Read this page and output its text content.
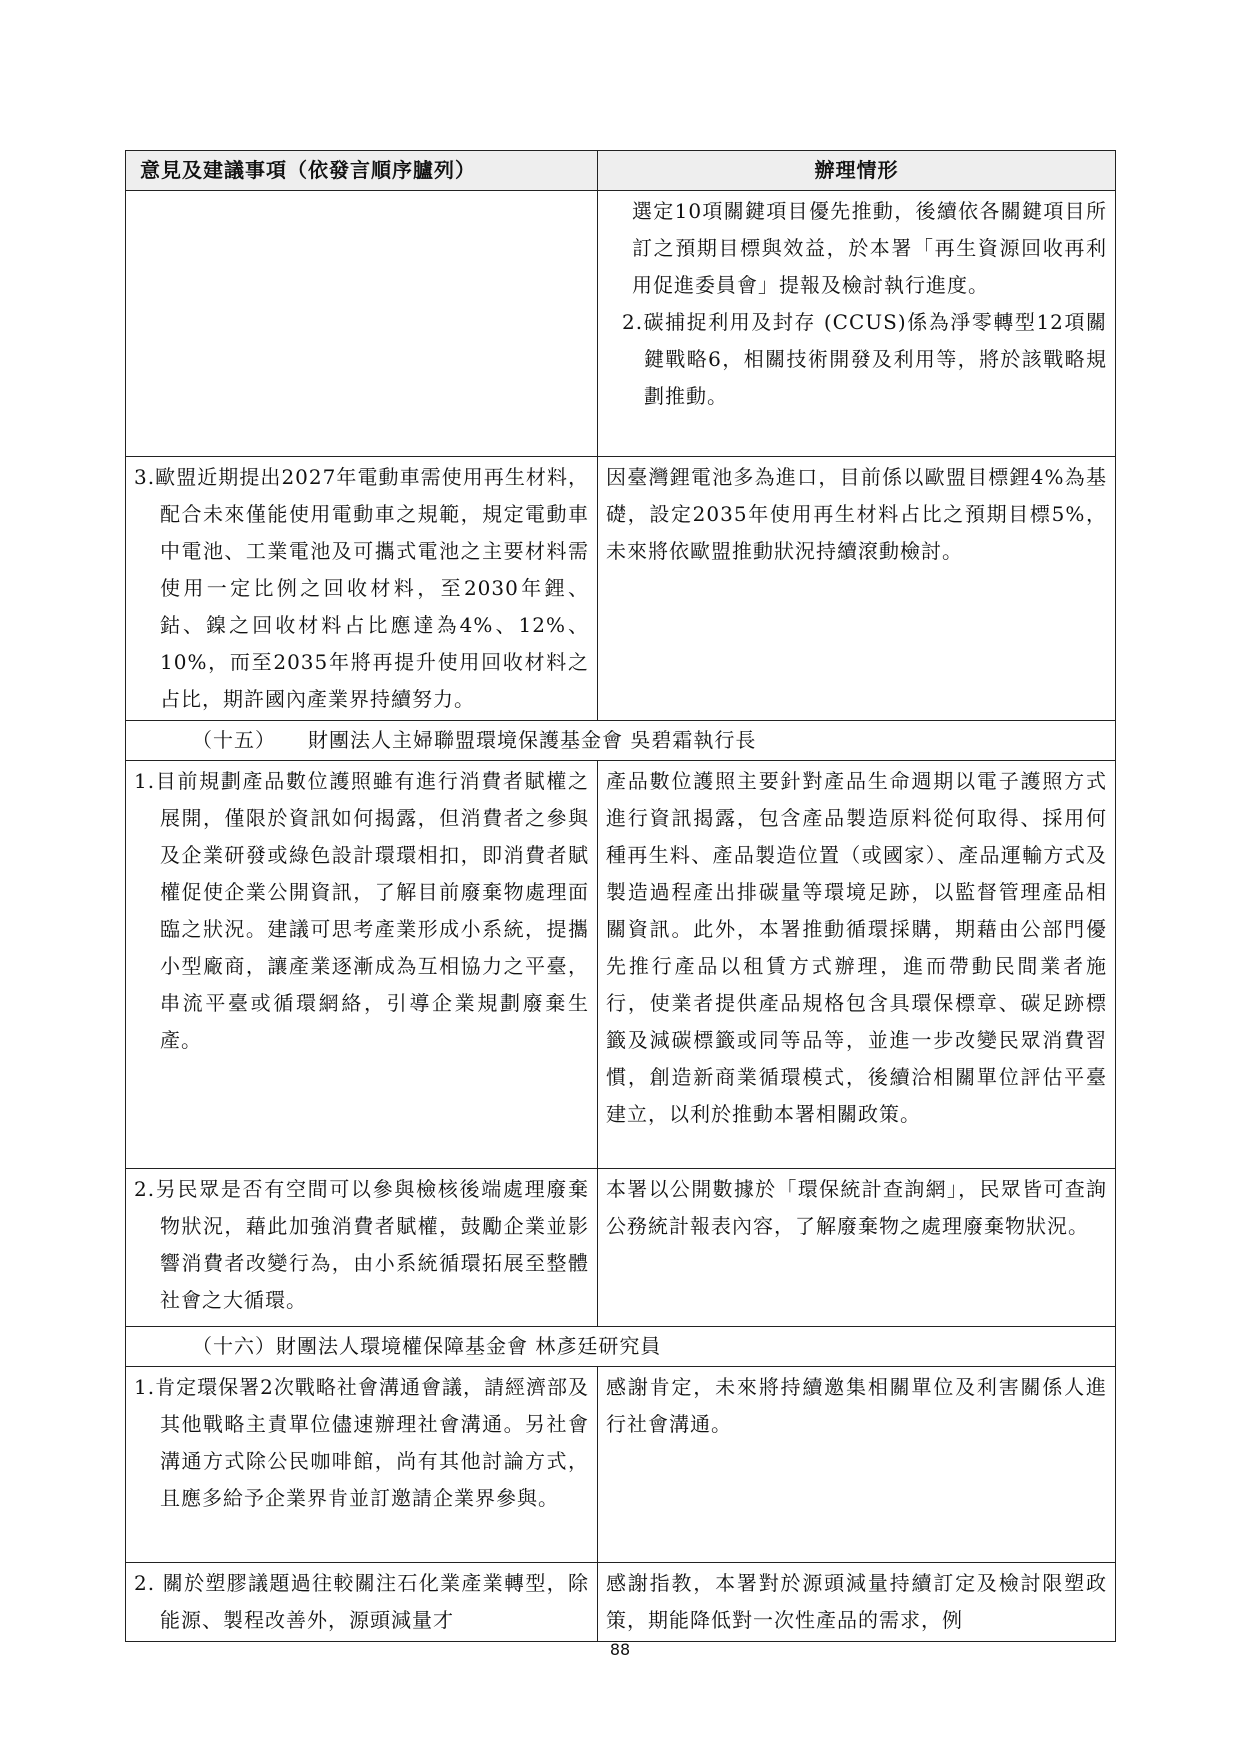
意見及建議事項（依發言順序臚列）	辦理情形

	選定10項關鍵項目優先推動，後續依各關鍵項目所訂之預期目標與效益，於本署「再生資源回收再利用促進委員會」提報及檢討執行進度。
2.碳捕捉利用及封存 (CCUS)係為淨零轉型12項關鍵戰略6，相關技術開發及利用等，將於該戰略規劃推動。

3.歐盟近期提出2027年電動車需使用再生材料，配合未來僅能使用電動車之規範，規定電動車中電池、工業電池及可攜式電池之主要材料需使用一定比例之回收材料，至2030年鋰、鈷、鎳之回收材料占比應達為4%、12%、10%，而至2035年將再提升使用回收材料之占比，期許國內產業界持續努力。	因臺灣鋰電池多為進口，目前係以歐盟目標鋰4%為基礎，設定2035年使用再生材料占比之預期目標5%，未來將依歐盟推動狀況持續滾動檢討。

（十五）　　財團法人主婦聯盟環境保護基金會 吳碧霜執行長	

1.目前規劃產品數位護照雖有進行消費者賦權之展開，僅限於資訊如何揭露，但消費者之參與及企業研發或綠色設計環環相扣，即消費者賦權促使企業公開資訊，了解目前廢棄物處理面臨之狀況。建議可思考產業形成小系統，提攜小型廠商，讓產業逐漸成為互相協力之平臺，串流平臺或循環網絡，引導企業規劃廢棄生產。	產品數位護照主要針對產品生命週期以電子護照方式進行資訊揭露，包含產品製造原料從何取得、採用何種再生料、產品製造位置（或國家）、產品運輸方式及製造過程產出排碳量等環境足跡，以監督管理產品相關資訊。此外，本署推動循環採購，期藉由公部門優先推行產品以租賃方式辦理，進而帶動民間業者施行，使業者提供產品規格包含具環保標章、碳足跡標籤及減碳標籤或同等品等，並進一步改變民眾消費習慣，創造新商業循環模式，後續洽相關單位評估平臺建立，以利於推動本署相關政策。

2.另民眾是否有空間可以參與檢核後端處理廢棄物狀況，藉此加強消費者賦權，鼓勵企業並影響消費者改變行為，由小系統循環拓展至整體社會之大循環。	本署以公開數據於「環保統計查詢網」，民眾皆可查詢公務統計報表內容，了解廢棄物之處理廢棄物狀況。

（十六）財團法人環境權保障基金會 林彥廷研究員	

1.肯定環保署2次戰略社會溝通會議，請經濟部及其他戰略主責單位儘速辦理社會溝通。另社會溝通方式除公民咖啡館，尚有其他討論方式，且應多給予企業界肯並訂邀請企業界參與。	感謝肯定，未來將持續邀集相關單位及利害關係人進行社會溝通。

2. 關於塑膠議題過往較關注石化業產業轉型，除能源、製程改善外，源頭減量才	感謝指教，本署對於源頭減量持續訂定及檢討限塑政策，期能降低對一次性產品的需求，例
88
